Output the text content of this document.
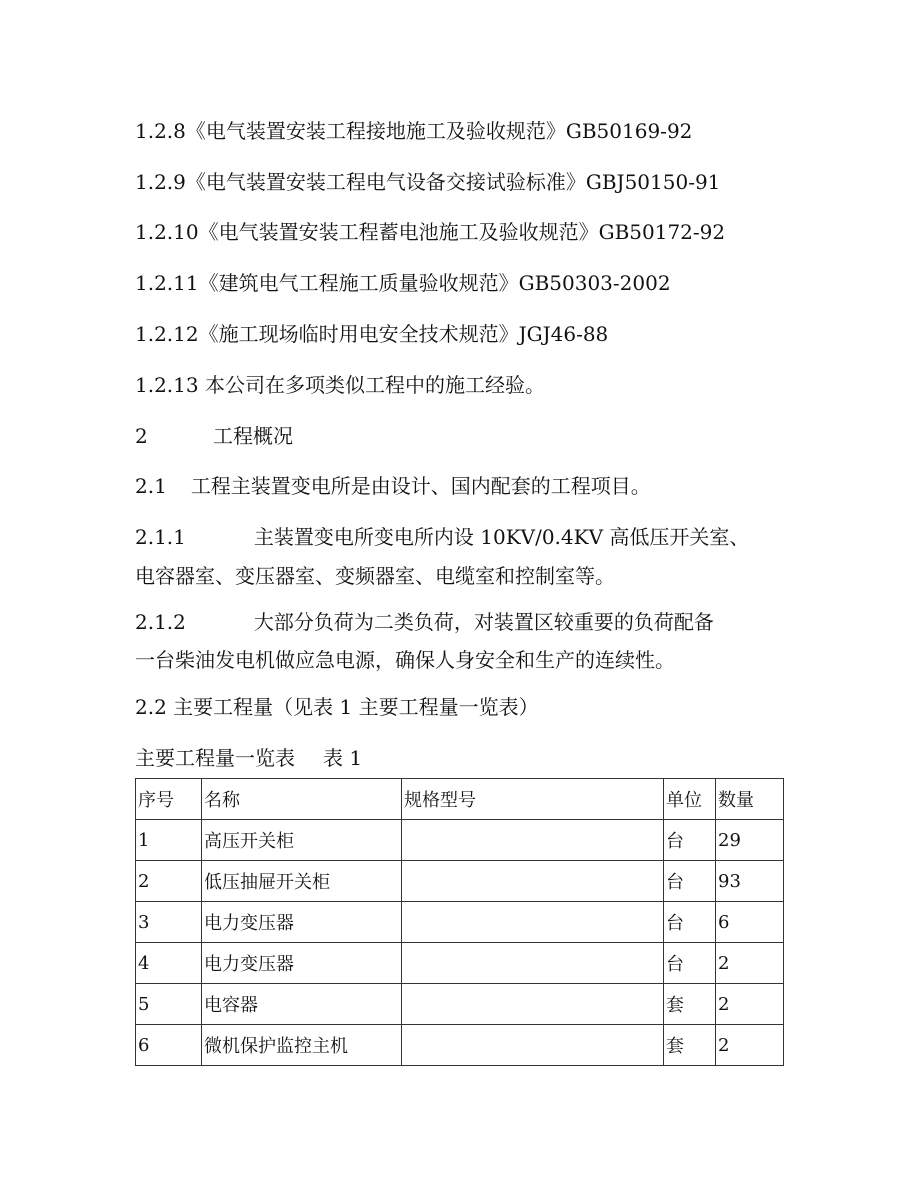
1.2.8《电气装置安装工程接地施工及验收规范》GB50169-92
1.2.9《电气装置安装工程电气设备交接试验标准》GBJ50150-91
1.2.10《电气装置安装工程蓄电池施工及验收规范》GB50172-92
1.2.11《建筑电气工程施工质量验收规范》GB50303-2002
1.2.12《施工现场临时用电安全技术规范》JGJ46-88
1.2.13 本公司在多项类似工程中的施工经验。
2	工程概况
2.1 工程主装置变电所是由设计、国内配套的工程项目。
2.1.1	主装置变电所变电所内设 10KV/0.4KV 高低压开关室、
电容器室、变压器室、变频器室、电缆室和控制室等。
2.1.2	大部分负荷为二类负荷，对装置区较重要的负荷配备
一台柴油发电机做应急电源，确保人身安全和生产的连续性。
2.2 主要工程量（见表 1 主要工程量一览表）
主要工程量一览表 表 1
序号	名称	规格型号	单位	数量
1	高压开关柜		台	29
2	低压抽屉开关柜		台	93
3	电力变压器		台	6
4	电力变压器		台	2
5	电容器		套	2
6	微机保护监控主机		套	2
